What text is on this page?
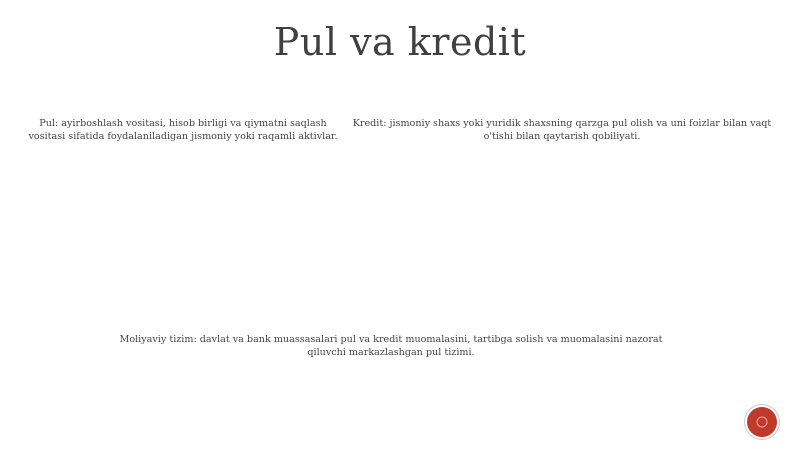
Pul va kredit
Pul: ayirboshlash vositasi, hisob birligi va qiymatni saqlash vositasi sifatida foydalaniladigan jismoniy yoki raqamli aktivlar.
Kredit: jismoniy shaxs yoki yuridik shaxsning qarzga pul olish va uni foizlar bilan vaqt o'tishi bilan qaytarish qobiliyati.
Moliyaviy tizim: davlat va bank muassasalari pul va kredit muomalasini, tartibga solish va muomalasini nazorat qiluvchi markazlashgan pul tizimi.
